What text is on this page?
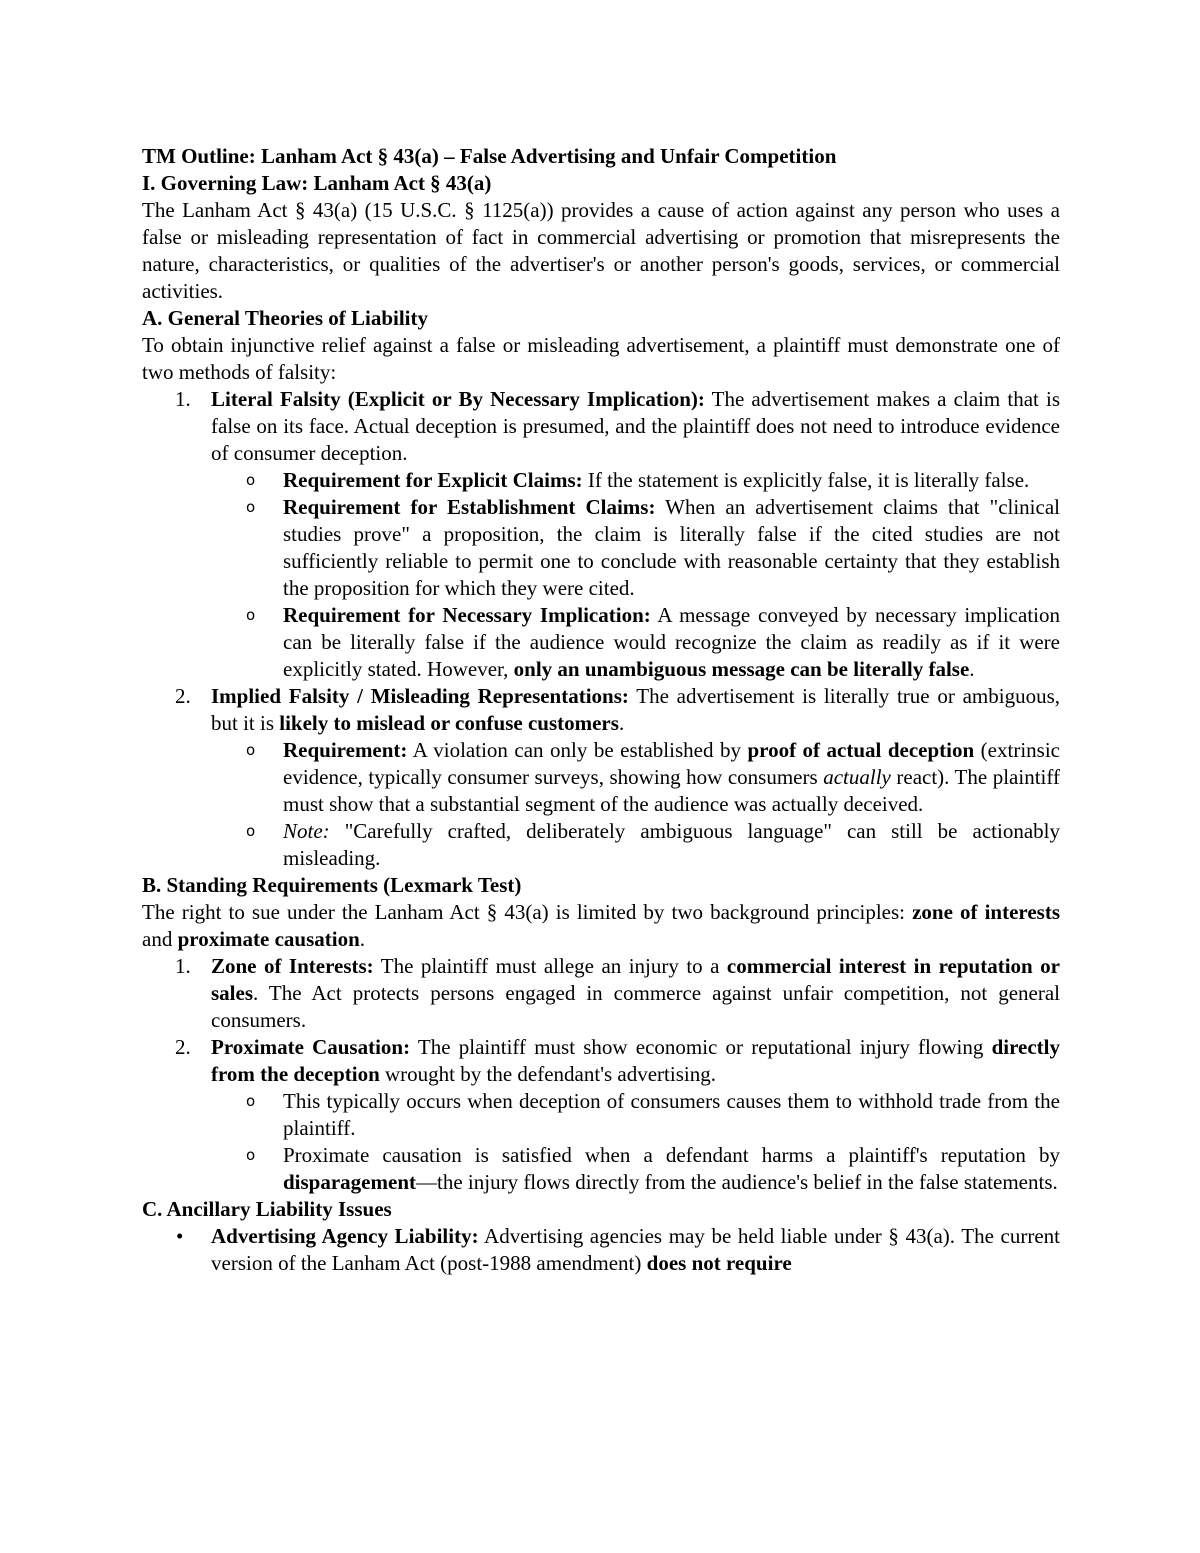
TM Outline: Lanham Act § 43(a) – False Advertising and Unfair Competition

I. Governing Law: Lanham Act § 43(a)

The Lanham Act § 43(a) (15 U.S.C. § 1125(a)) provides a cause of action against any person who uses a false or misleading representation of fact in commercial advertising or promotion that misrepresents the nature, characteristics, or qualities of the advertiser's or another person's goods, services, or commercial activities.

A. General Theories of Liability

To obtain injunctive relief against a false or misleading advertisement, a plaintiff must demonstrate one of two methods of falsity:

1. Literal Falsity (Explicit or By Necessary Implication): The advertisement makes a claim that is false on its face. Actual deception is presumed, and the plaintiff does not need to introduce evidence of consumer deception.
o Requirement for Explicit Claims: If the statement is explicitly false, it is literally false.
o Requirement for Establishment Claims: When an advertisement claims that "clinical studies prove" a proposition, the claim is literally false if the cited studies are not sufficiently reliable to permit one to conclude with reasonable certainty that they establish the proposition for which they were cited.
o Requirement for Necessary Implication: A message conveyed by necessary implication can be literally false if the audience would recognize the claim as readily as if it were explicitly stated. However, only an unambiguous message can be literally false.
2. Implied Falsity / Misleading Representations: The advertisement is literally true or ambiguous, but it is likely to mislead or confuse customers.
o Requirement: A violation can only be established by proof of actual deception (extrinsic evidence, typically consumer surveys, showing how consumers actually react). The plaintiff must show that a substantial segment of the audience was actually deceived.
o Note: "Carefully crafted, deliberately ambiguous language" can still be actionably misleading.

B. Standing Requirements (Lexmark Test)

The right to sue under the Lanham Act § 43(a) is limited by two background principles: zone of interests and proximate causation.

1. Zone of Interests: The plaintiff must allege an injury to a commercial interest in reputation or sales. The Act protects persons engaged in commerce against unfair competition, not general consumers.
2. Proximate Causation: The plaintiff must show economic or reputational injury flowing directly from the deception wrought by the defendant's advertising.
o This typically occurs when deception of consumers causes them to withhold trade from the plaintiff.
o Proximate causation is satisfied when a defendant harms a plaintiff's reputation by disparagement—the injury flows directly from the audience's belief in the false statements.

C. Ancillary Liability Issues

• Advertising Agency Liability: Advertising agencies may be held liable under § 43(a). The current version of the Lanham Act (post-1988 amendment) does not require
